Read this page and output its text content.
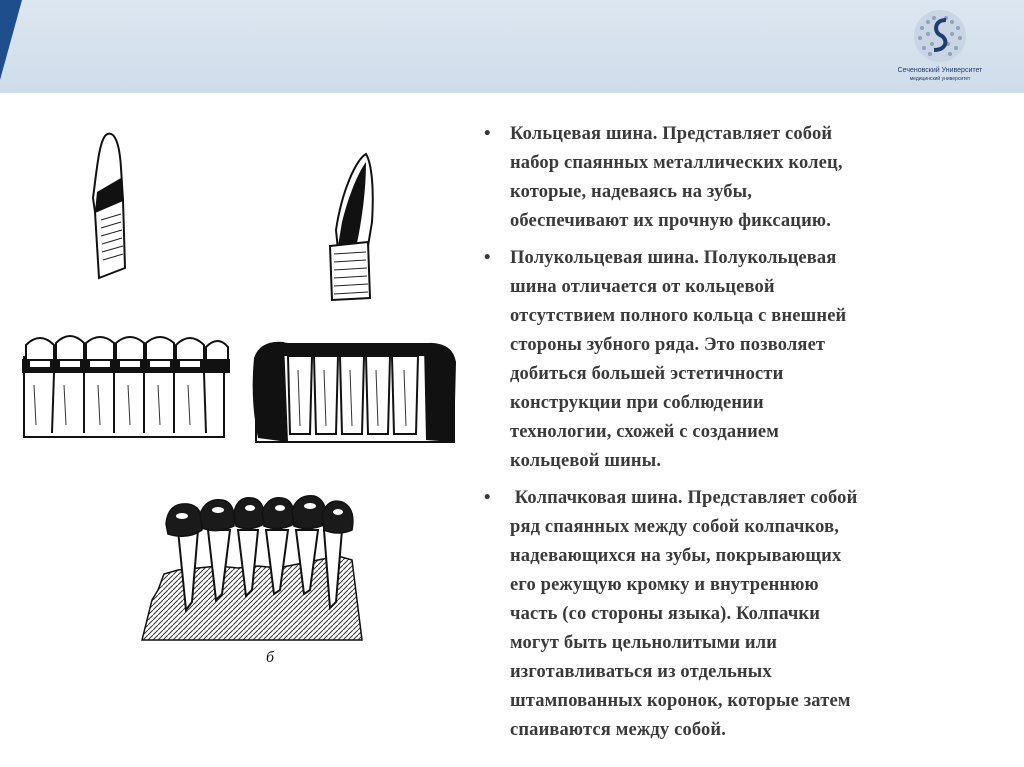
Сеченовский Университет
медицинский университет
б
•	Кольцевая шина. Представляет собой
набор спаянных металлических колец,
которые, надеваясь на зубы,
обеспечивают их прочную фиксацию.
•	Полукольцевая шина. Полукольцевая
шина отличается от кольцевой
отсутствием полного кольца с внешней
стороны зубного ряда. Это позволяет
добиться большей эстетичности
конструкции при соблюдении
технологии, схожей с созданием
кольцевой шины.
•	Колпачковая шина. Представляет собой
ряд спаянных между собой колпачков,
надевающихся на зубы, покрывающих
его режущую кромку и внутреннюю
часть (со стороны языка). Колпачки
могут быть цельнолитыми или
изготавливаться из отдельных
штампованных коронок, которые затем
спаиваются между собой.
